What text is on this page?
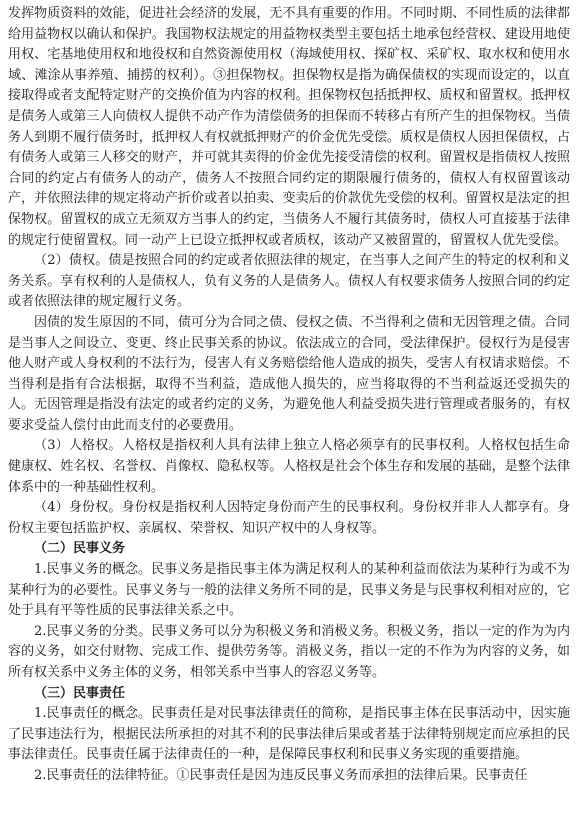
发挥物质资料的效能，促进社会经济的发展，无不具有重要的作用。不同时期、不同性质的法律都给用益物权以确认和保护。我国物权法规定的用益物权类型主要包括土地承包经营权、建设用地使用权、宅基地使用权和地役权和自然资源使用权（海域使用权、探矿权、采矿权、取水权和使用水域、滩涂从事养殖、捕捞的权利）。③担保物权。担保物权是指为确保债权的实现而设定的，以直接取得或者支配特定财产的交换价值为内容的权利。担保物权包括抵押权、质权和留置权。抵押权是债务人或第三人向债权人提供不动产作为清偿债务的担保而不转移占有所产生的担保物权。当债务人到期不履行债务时，抵押权人有权就抵押财产的价金优先受偿。质权是债权人因担保债权，占有债务人或第三人移交的财产，并可就其卖得的价金优先接受清偿的权利。留置权是指债权人按照合同的约定占有债务人的动产，债务人不按照合同约定的期限履行债务的，债权人有权留置该动产，并依照法律的规定将动产折价或者以拍卖、变卖后的价款优先受偿的权利。留置权是法定的担保物权。留置权的成立无须双方当事人的约定，当债务人不履行其债务时，债权人可直接基于法律的规定行使留置权。同一动产上已设立抵押权或者质权，该动产又被留置的，留置权人优先受偿。

（2）债权。债是按照合同的约定或者依照法律的规定，在当事人之间产生的特定的权利和义务关系。享有权利的人是债权人，负有义务的人是债务人。债权人有权要求债务人按照合同的约定或者依照法律的规定履行义务。

因债的发生原因的不同，债可分为合同之债、侵权之债、不当得利之债和无因管理之债。合同是当事人之间设立、变更、终止民事关系的协议。依法成立的合同，受法律保护。侵权行为是侵害他人财产或人身权利的不法行为，侵害人有义务赔偿给他人造成的损失，受害人有权请求赔偿。不当得利是指有合法根据，取得不当利益，造成他人损失的，应当将取得的不当利益返还受损失的人。无因管理是指没有法定的或者约定的义务，为避免他人利益受损失进行管理或者服务的，有权要求受益人偿付由此而支付的必要费用。

（3）人格权。人格权是指权利人具有法律上独立人格必须享有的民事权利。人格权包括生命健康权、姓名权、名誉权、肖像权、隐私权等。人格权是社会个体生存和发展的基础，是整个法律体系中的一种基础性权利。

（4）身份权。身份权是指权利人因特定身份而产生的民事权利。身份权并非人人都享有。身份权主要包括监护权、亲属权、荣誉权、知识产权中的人身权等。

（二）民事义务

1.民事义务的概念。民事义务是指民事主体为满足权利人的某种利益而依法为某种行为或不为某种行为的必要性。民事义务与一般的法律义务所不同的是，民事义务是与民事权利相对应的，它处于具有平等性质的民事法律关系之中。

2.民事义务的分类。民事义务可以分为积极义务和消极义务。积极义务，指以一定的作为为内容的义务，如交付财物、完成工作、提供劳务等。消极义务，指以一定的不作为为内容的义务，如所有权关系中义务主体的义务，相邻关系中当事人的容忍义务等。

（三）民事责任

1.民事责任的概念。民事责任是对民事法律责任的简称，是指民事主体在民事活动中，因实施了民事违法行为，根据民法所承担的对其不利的民事法律后果或者基于法律特别规定而应承担的民事法律责任。民事责任属于法律责任的一种，是保障民事权利和民事义务实现的重要措施。

2.民事责任的法律特征。①民事责任是因为违反民事义务而承担的法律后果。民事责任
